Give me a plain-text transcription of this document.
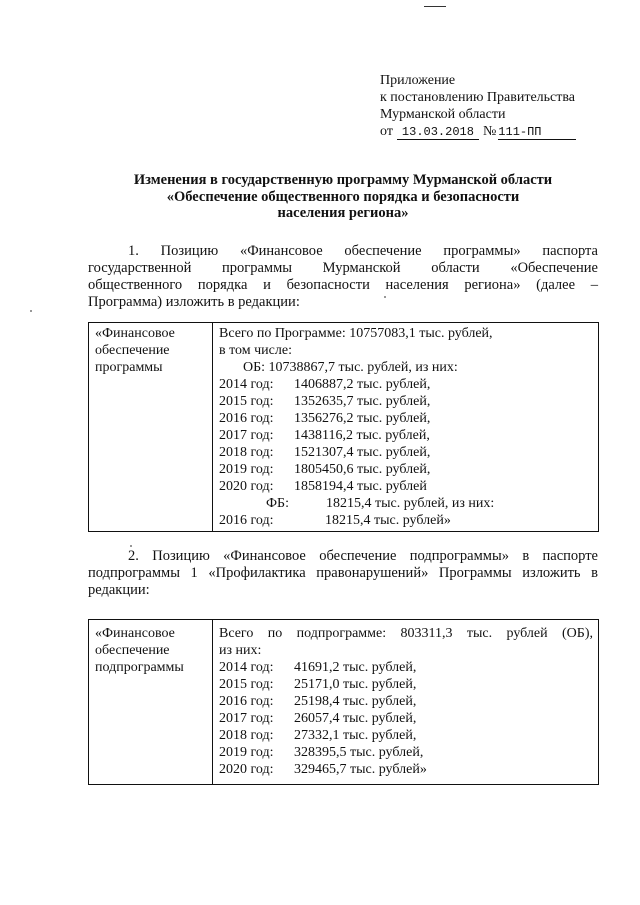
Приложение
к постановлению Правительства
Мурманской области
от 13.03.2018 № 111-ПП
Изменения в государственную программу Мурманской области
«Обеспечение общественного порядка и безопасности
населения региона»
1. Позицию «Финансовое обеспечение программы» паспорта
государственной программы Мурманской области «Обеспечение
общественного порядка и безопасности населения региона» (далее –
Программа) изложить в редакции:
«Финансовое
обеспечение
программы

Всего по Программе: 10757083,1 тыс. рублей,
в том числе:
ОБ: 10738867,7 тыс. рублей, из них:
2014 год: 1406887,2 тыс. рублей,
2015 год: 1352635,7 тыс. рублей,
2016 год: 1356276,2 тыс. рублей,
2017 год: 1438116,2 тыс. рублей,
2018 год: 1521307,4 тыс. рублей,
2019 год: 1805450,6 тыс. рублей,
2020 год: 1858194,4 тыс. рублей
ФБ:	18215,4 тыс. рублей, из них:
2016 год:	18215,4 тыс. рублей»
2. Позицию «Финансовое обеспечение подпрограммы» в паспорте
подпрограммы 1 «Профилактика правонарушений» Программы изложить в
редакции:
«Финансовое
обеспечение
подпрограммы

Всего по подпрограмме: 803311,3 тыс. рублей (ОБ),
из них:
2014 год: 41691,2 тыс. рублей,
2015 год: 25171,0 тыс. рублей,
2016 год: 25198,4 тыс. рублей,
2017 год: 26057,4 тыс. рублей,
2018 год: 27332,1 тыс. рублей,
2019 год: 328395,5 тыс. рублей,
2020 год: 329465,7 тыс. рублей»
